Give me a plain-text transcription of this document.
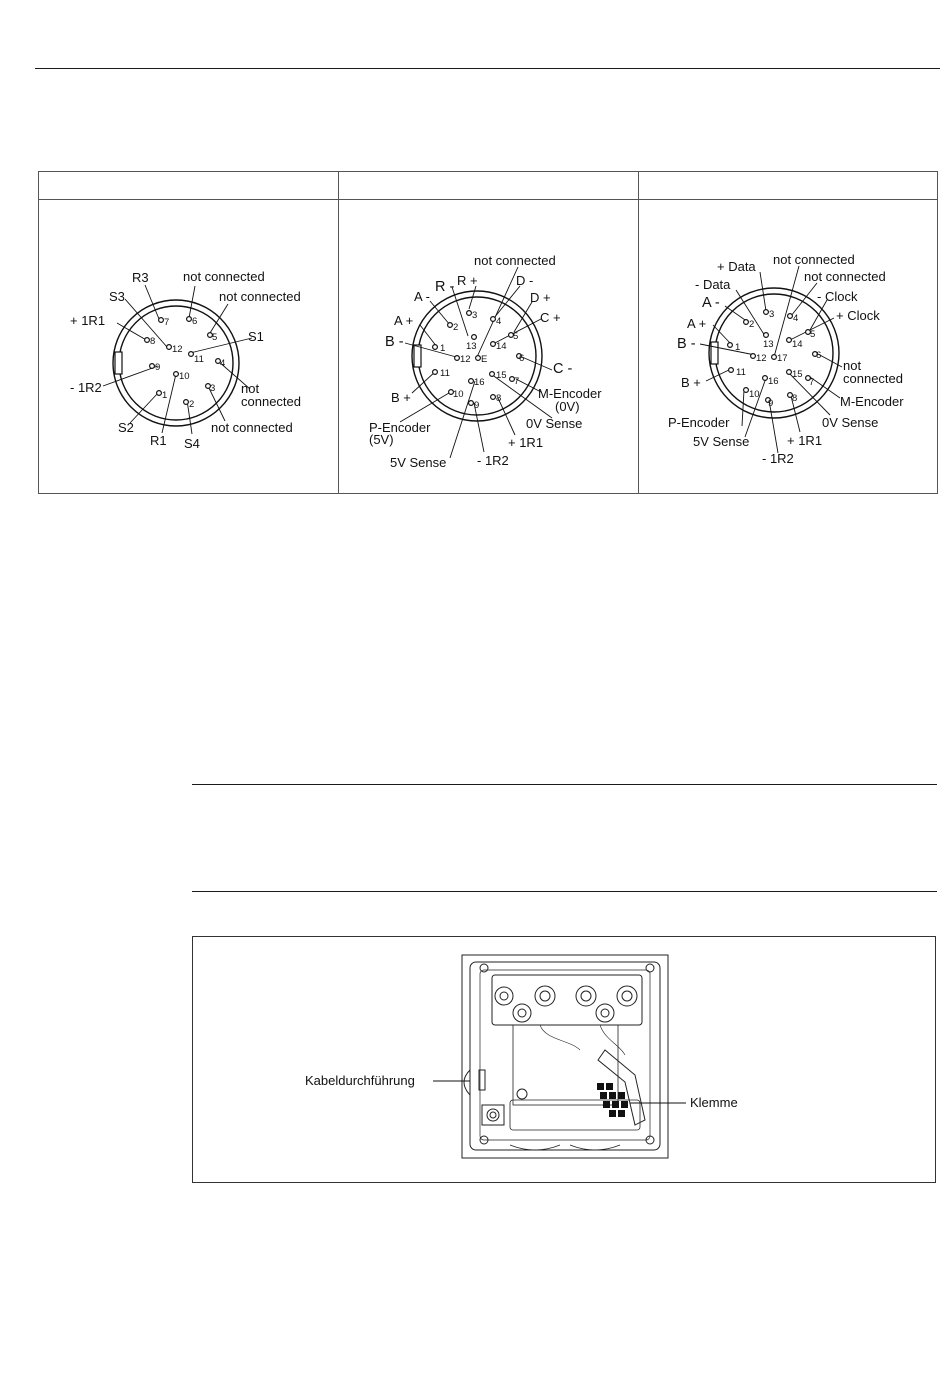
1
2
3
4
5
6
7
8
9
10
11
12
R3	not connected
S3	not connected
+ 1R1
S1
- 1R2	not
connected
S2	not connected
R1 S4
1
2
3
4
5
6
7
8
9
10
11
12
13 14
15
16
E
not connected
R - R +	D -
A -	D +
C +
A +
B -
C -
M-Encoder
(0V)
B +
0V Sense
P-Encoder
(5V)	+ 1R1
- 1R2
5V Sense
1
2
3 4
5
6
7
8
9
10
11
12
13 14
15
16
17
not connected
+ Data
not connected
- Data
- Clock
A -
+ Clock
A +
B -
not
connected
B +
M-Encoder
P-Encoder	0V Sense
5V Sense	+ 1R1
- 1R2
Kabeldurchführung
Klemme
